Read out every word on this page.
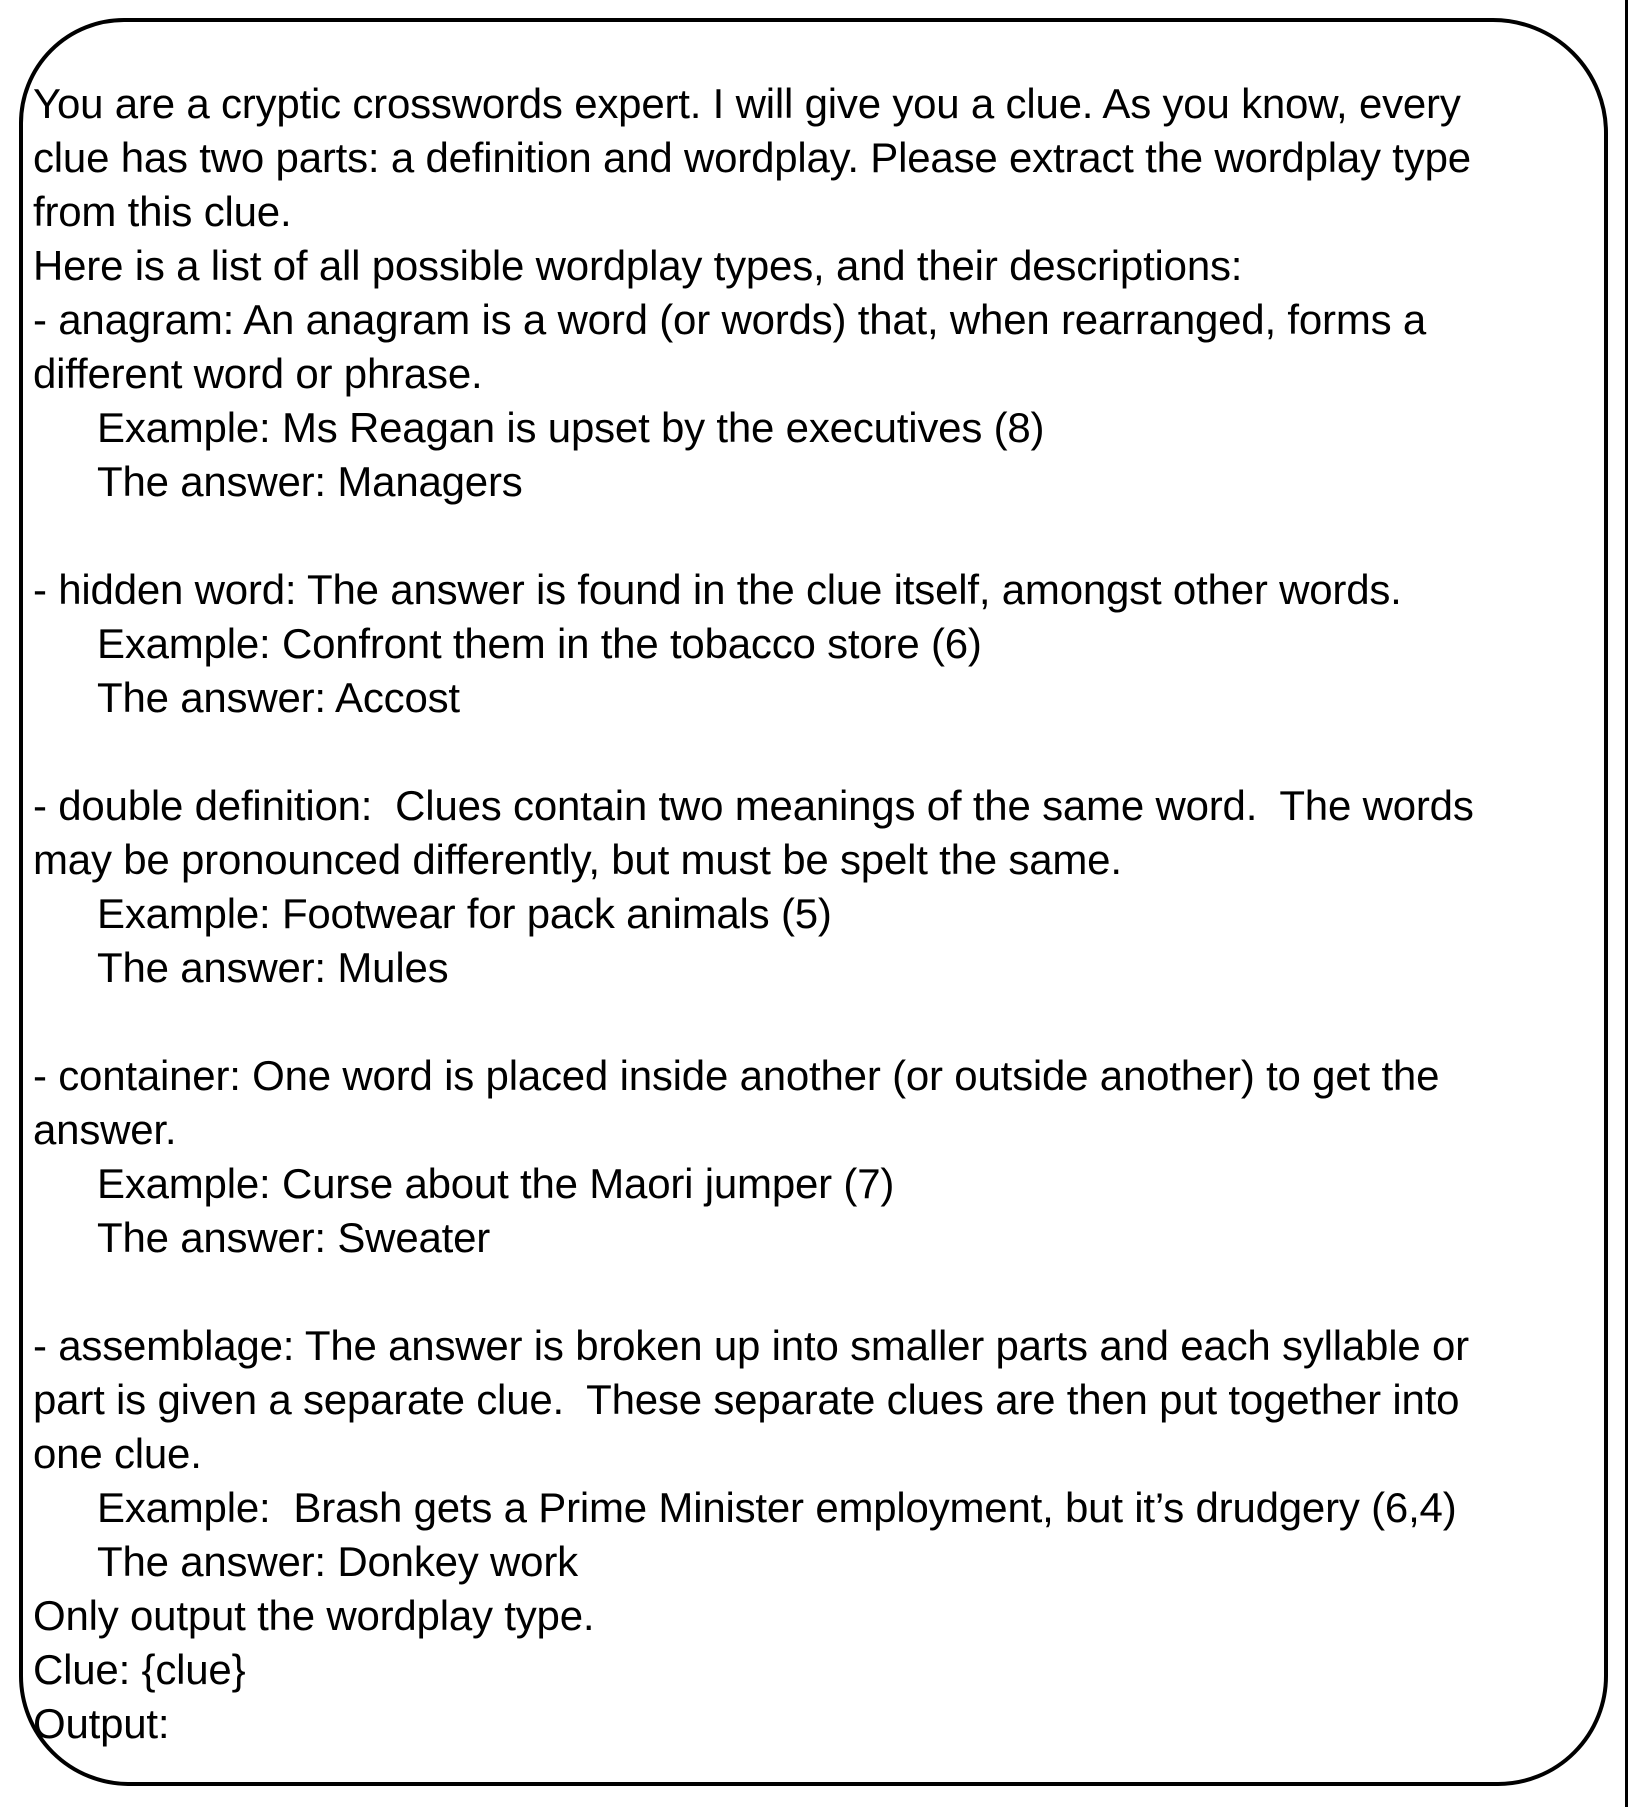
You are a cryptic crosswords expert. I will give you a clue. As you know, every
clue has two parts: a definition and wordplay. Please extract the wordplay type
from this clue.
Here is a list of all possible wordplay types, and their descriptions:
- anagram: An anagram is a word (or words) that, when rearranged, forms a
different word or phrase.
Example: Ms Reagan is upset by the executives (8)
The answer: Managers

- hidden word: The answer is found in the clue itself, amongst other words.
Example: Confront them in the tobacco store (6)
The answer: Accost

- double definition:  Clues contain two meanings of the same word.  The words
may be pronounced differently, but must be spelt the same.
Example: Footwear for pack animals (5)
The answer: Mules

- container: One word is placed inside another (or outside another) to get the
answer.
Example: Curse about the Maori jumper (7)
The answer: Sweater

- assemblage: The answer is broken up into smaller parts and each syllable or
part is given a separate clue.  These separate clues are then put together into
one clue.
Example:  Brash gets a Prime Minister employment, but it’s drudgery (6,4)
The answer: Donkey work
Only output the wordplay type.
Clue: {clue}
Output:
